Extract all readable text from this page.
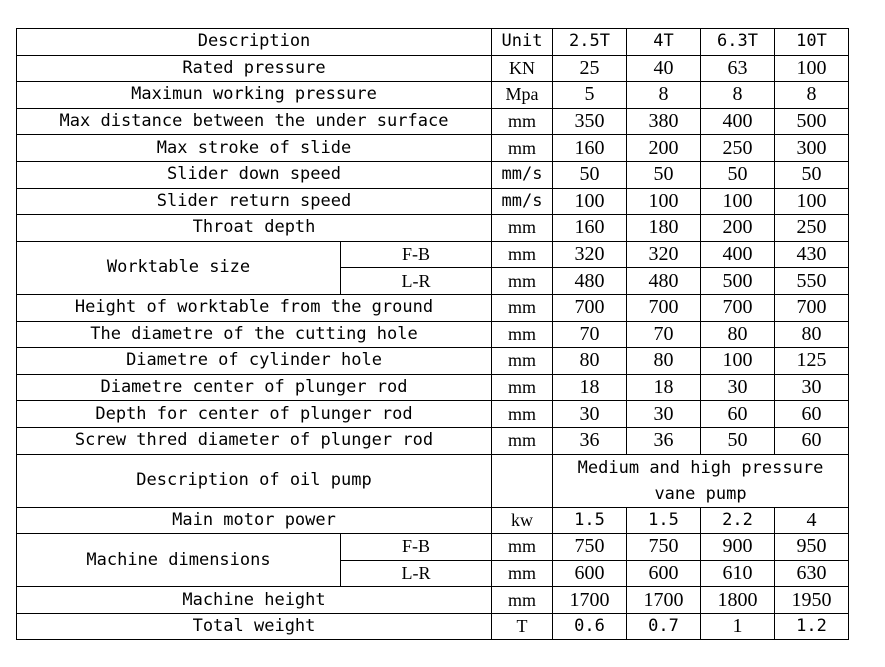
Description		Unit	2.5T	4T	6.3T	10T
Rated pressure		KN	25	40	63	100
Maximun working pressure		Mpa	5	8	8	8
Max distance between the under surface		mm	350	380	400	500
Max stroke of slide		mm	160	200	250	300
Slider down speed		mm/s	50	50	50	50
Slider return speed		mm/s	100	100	100	100
Throat depth		mm	160	180	200	250
Worktable size	F-B	mm	320	320	400	430
	L-R	mm	480	480	500	550
Height of worktable from the ground		mm	700	700	700	700
The diametre of the cutting hole		mm	70	70	80	80
Diametre of cylinder hole		mm	80	80	100	125
Diametre center of plunger rod		mm	18	18	30	30
Depth for center of plunger rod		mm	30	30	60	60
Screw thred diameter of plunger rod		mm	36	36	50	60
Description of oil pump			Medium and high pressure vane pump			
Main motor power		kw	1.5	1.5	2.2	4
Machine dimensions	F-B	mm	750	750	900	950
	L-R	mm	600	600	610	630
Machine height		mm	1700	1700	1800	1950
Total weight		T	0.6	0.7	1	1.2
